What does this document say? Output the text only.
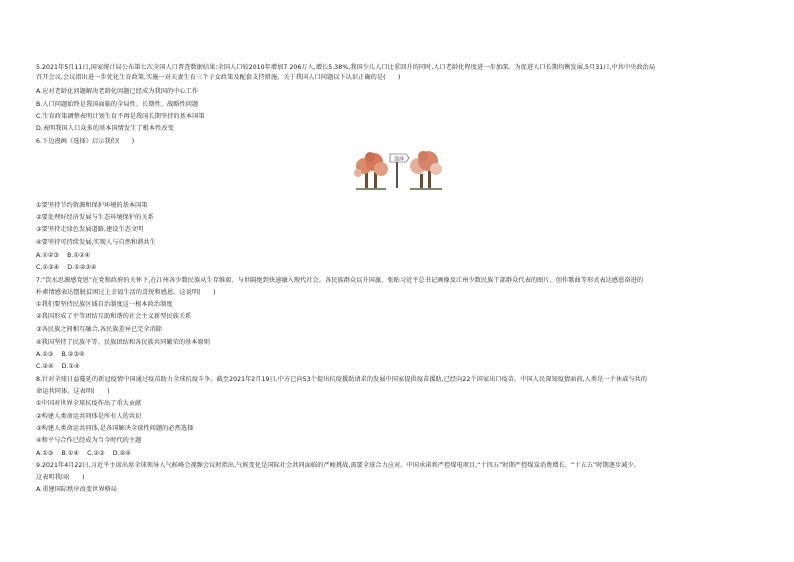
5.2021年5月11日,国家统计局公布第七次全国人口普查数据结果:全国人口较2010年增加7 206万人,增长5.38%,我国少儿人口比重回升的同时,人口老龄化程度进一步加深。为促进人口长期均衡发展,5月31日,中共中央政治局
召开会议,会议指出进一步优化生育政策,实施一对夫妻生育三个子女政策及配套支持措施。关于我国人口问题以下认识正确的是(　　)
A.应对老龄化问题解决老龄化问题已经成为我国的中心工作
B.人口问题始终是我国面临的全局性、长期性、战略性问题
C.生育政策调整表明计划生育不再是我国长期坚持的基本国策
D.表明我国人口众多的基本国情发生了根本性改变
6.下边漫画《选择》启示我们(　　)
选择
①要坚持节约资源和保护环境的基本国策
②要处理好经济发展与生态环境保护的关系
③要坚持走绿色发展道路,建设生态文明
④要坚持可持续发展,实现人与自然和谐共生
A.①②③ B.①②④
C.①③④ D.①②③④
7.“饮水思源感党恩”在党和政府的关怀下,在江州各少数民族从生存维艰、与世隔绝到快速融入现代社会。各民族群众以升国旗、张贴习近平总书记画像及江州少数民族干部群众代表的图片、创作歌曲等形式表达感恩奋进的
朴素情感表达摆脱贫困过上幸福生活的喜悦和感恩。这说明(　　)
①我们要坚持民族区域自治制度这一根本政治制度
②我国形成了平等团结互助和谐的社会主义新型民族关系
③各民族之间相互融合,各民族差异已完全消除
④我国坚持了民族平等、民族团结和各民族共同繁荣的基本原则
A.①③ B.②③④
C.②④ D.①④
8.针对全球日益蔓延的新冠疫情中国通过疫苗助力全球抗疫斗争。截至2021年2月19日,中方已向53个提出抗疫援助请求的发展中国家提供疫苗援助,已经向22个国家出口疫苗。中国人民深知疫情面前,人类是一个休戚与共的
命运共同体。这表明(　　)
①中国对世界全球抗疫作出了重大贡献
②构建人类命运共同体是所有人的共识
③构建人类命运共同体,是各国解决全球性问题的必然选择
④和平与合作已经成为当今时代的主题
A.①③ B.①④ C.②③ D.②④
9.2021年4月22日,习近平主席出席全球领导人气候峰会视频会议时指出,气候变化是国际社会共同面临的严峻挑战,需要全球合力应对。中国承诺将严控煤电项目,“十四五”时期严控煤炭消费增长、“十五五”时期逐步减少。
这表明我国(　　)
A.重建国际秩序改变世界格局
